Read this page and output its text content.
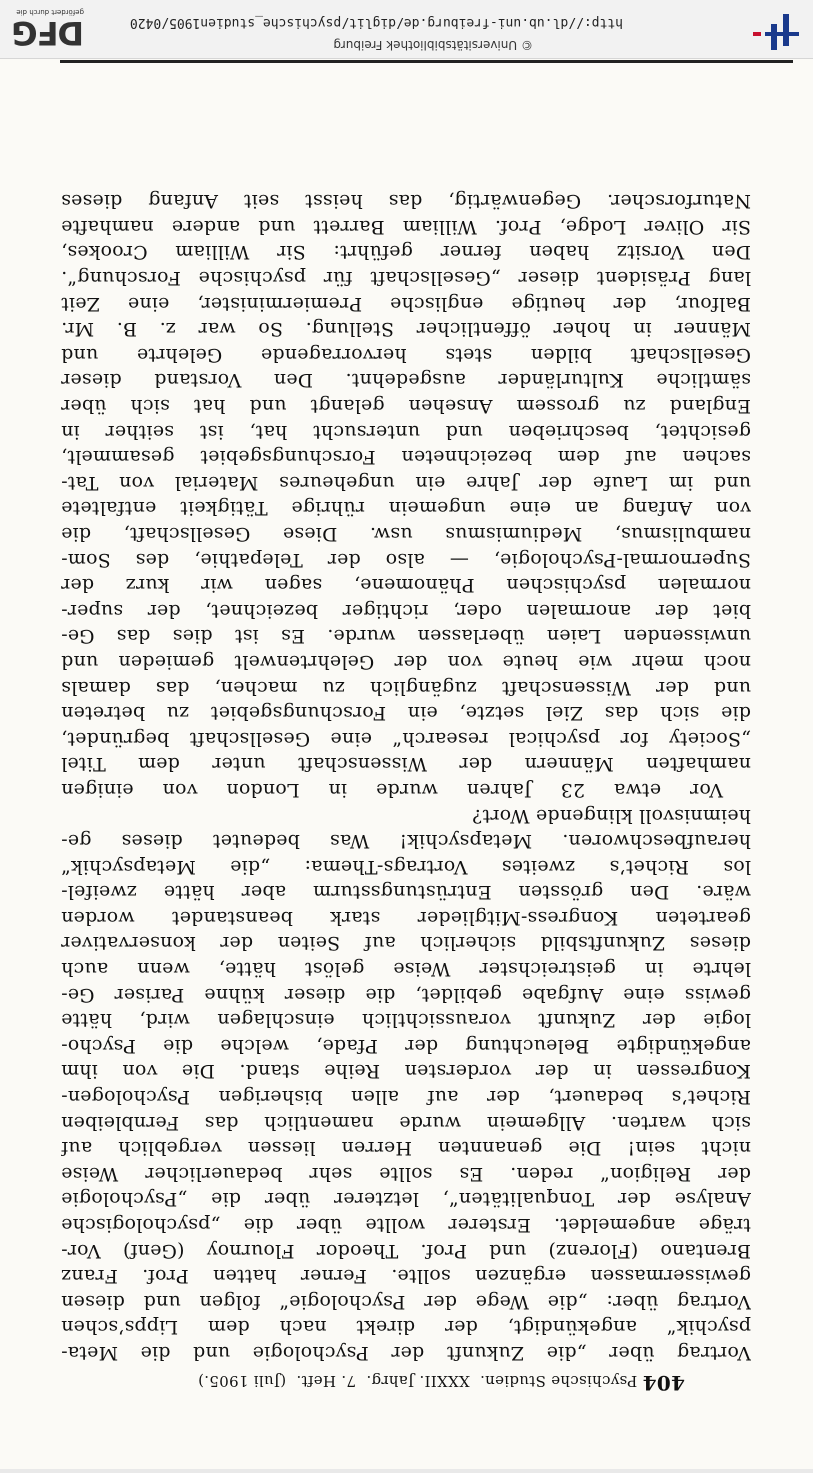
404 Psychische Studien.  XXXII. Jahrg.  7. Heft.  (Juli 1905.)
Vortrag über „die Zukunft der Psychologie und die Meta-
psychik“ angekündigt, der direkt nach dem Lipps’schen
Vortrag über: „die Wege der Psychologie“ folgen und diesen
gewissermassen ergänzen sollte. Ferner hatten Prof. Franz
Brentano (Florenz) und Prof. Theodor Flournoy (Genf) Vor-
träge angemeldet. Ersterer wollte über die „psychologische
Analyse der Tonqualitäten“, letzterer über die „Psychologie
der Religion“ reden. Es sollte sehr bedauerlicher Weise
nicht sein! Die genannten Herren liessen vergeblich auf
sich warten. Allgemein wurde namentlich das Fernbleiben
Richet’s bedauert, der auf allen bisherigen Psychologen-
Kongressen in der vordersten Reihe stand. Die von ihm
angekündigte Beleuchtung der Pfade, welche die Psycho-
logie der Zukunft voraussichtlich einschlagen wird, hätte
gewiss eine Aufgabe gebildet, die dieser kühne Pariser Ge-
lehrte in geistreichster Weise gelöst hätte, wenn auch
dieses Zukunftsbild sicherlich auf Seiten der konservativer
gearteten Kongress-Mitglieder stark beanstandet worden
wäre. Den grössten Entrüstungssturm aber hätte zweifel-
los Richet’s zweites Vortrags-Thema: „die Metapsychik“
heraufbeschworen. Metapsychik! Was bedeutet dieses ge-
heimnisvoll klingende Wort?
Vor etwa 23 Jahren wurde in London von einigen
namhaften Männern der Wissenschaft unter dem Titel
„Society for psychical research“ eine Gesellschaft begründet,
die sich das Ziel setzte, ein Forschungsgebiet zu betreten
und der Wissenschaft zugänglich zu machen, das damals
noch mehr wie heute von der Gelehrtenwelt gemieden und
unwissenden Laien überlassen wurde. Es ist dies das Ge-
biet der anormalen oder, richtiger bezeichnet, der super-
normalen psychischen Phänomene, sagen wir kurz der
Supernormal-Psychologie, — also der Telepathie, des Som-
nambulismus, Mediumismus usw. Diese Gesellschaft, die
von Anfang an eine ungemein rührige Tätigkeit entfaltete
und im Laufe der Jahre ein ungeheures Material von Tat-
sachen auf dem bezeichneten Forschungsgebiet gesammelt,
gesichtet, beschrieben und untersucht hat, ist seither in
England zu grossem Ansehen gelangt und hat sich über
sämtliche Kulturländer ausgedehnt. Den Vorstand dieser
Gesellschaft bilden stets hervorragende Gelehrte und
Männer in hoher öffentlicher Stellung. So war z. B. Mr.
Balfour, der heutige englische Premierminister, eine Zeit
lang Präsident dieser „Gesellschaft für psychische Forschung“.
Den Vorsitz haben ferner geführt: Sir William Crookes,
Sir Oliver Lodge, Prof. William Barrett und andere namhafte
Naturforscher. Gegenwärtig, das heisst seit Anfang dieses
© Universitätsbibliothek Freiburg
http://dl.ub.uni-freiburg.de/diglit/psychische_studien1905/0420
gefördert durch die
DFG
